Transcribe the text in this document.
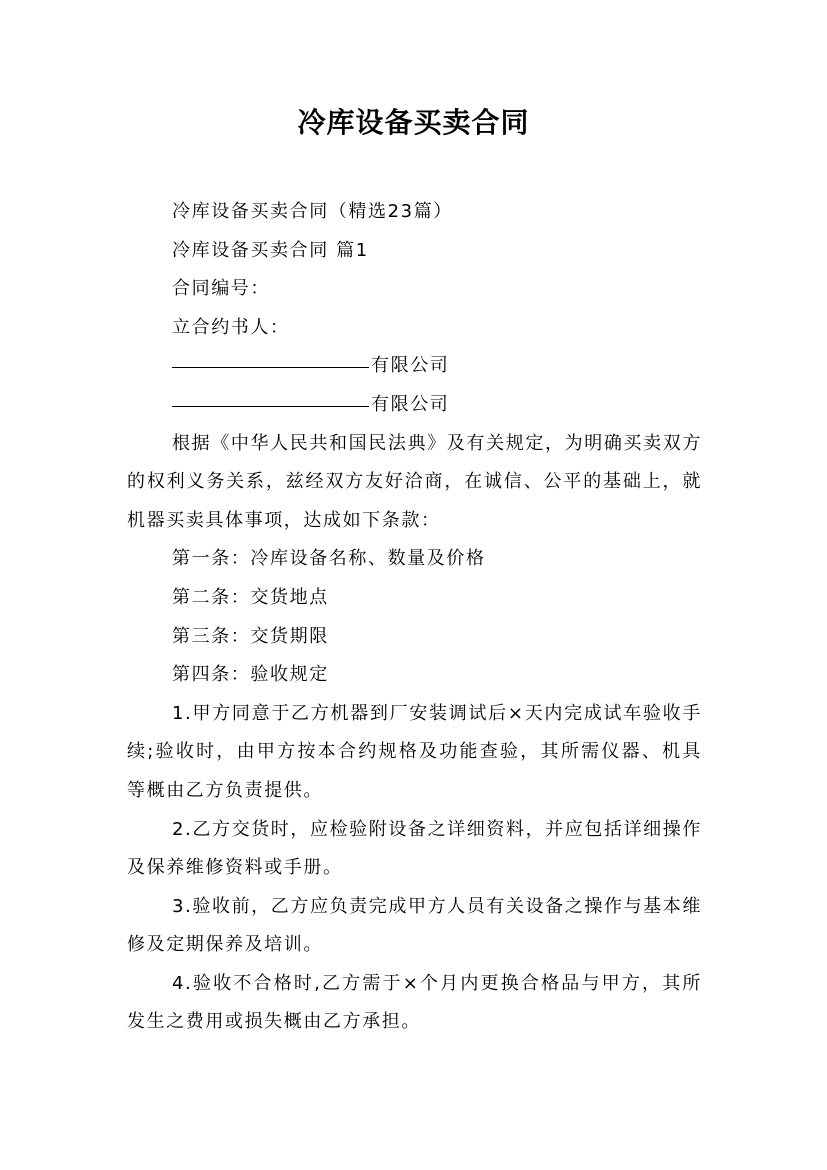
冷库设备买卖合同

冷库设备买卖合同（精选23篇）

冷库设备买卖合同 篇1

合同编号：

立合约书人：

有限公司

有限公司

根据《中华人民共和国民法典》及有关规定，为明确买卖双方的权利义务关系，兹经双方友好洽商，在诚信、公平的基础上，就机器买卖具体事项，达成如下条款：

第一条：冷库设备名称、数量及价格

第二条：交货地点

第三条：交货期限

第四条：验收规定

1.甲方同意于乙方机器到厂安装调试后×天内完成试车验收手续;验收时，由甲方按本合约规格及功能查验，其所需仪器、机具等概由乙方负责提供。

2.乙方交货时，应检验附设备之详细资料，并应包括详细操作及保养维修资料或手册。

3.验收前，乙方应负责完成甲方人员有关设备之操作与基本维修及定期保养及培训。

4.验收不合格时,乙方需于×个月内更换合格品与甲方，其所发生之费用或损失概由乙方承担。
